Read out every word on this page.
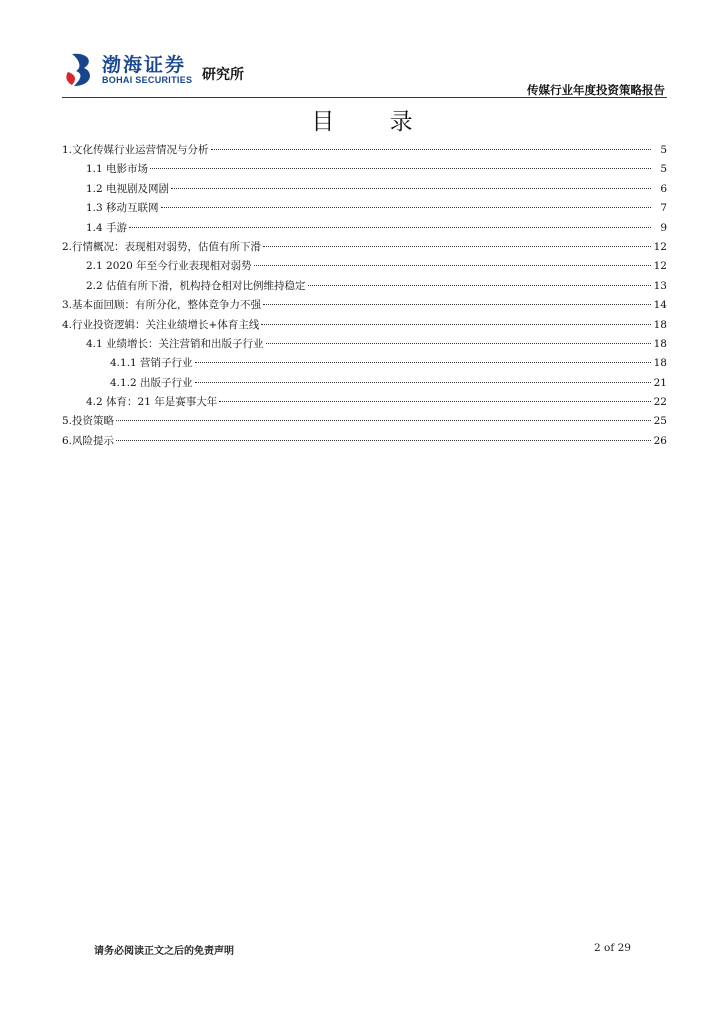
渤海证券
BOHAI SECURITIES 研究所
传媒行业年度投资策略报告
目 录
1.文化传媒行业运营情况与分析	5
1.1 电影市场	5
1.2 电视剧及网剧	6
1.3 移动互联网	7
1.4 手游	9
2.行情概况：表现相对弱势，估值有所下滑	12
2.1 2020 年至今行业表现相对弱势	12
2.2 估值有所下滑，机构持仓相对比例维持稳定	13
3.基本面回顾：有所分化，整体竞争力不强	14
4.行业投资逻辑：关注业绩增长+体育主线	18
4.1 业绩增长：关注营销和出版子行业	18
4.1.1 营销子行业	18
4.1.2 出版子行业	21
4.2 体育：21 年是赛事大年	22
5.投资策略	25
6.风险提示	26
请务必阅读正文之后的免责声明	2 of 29
